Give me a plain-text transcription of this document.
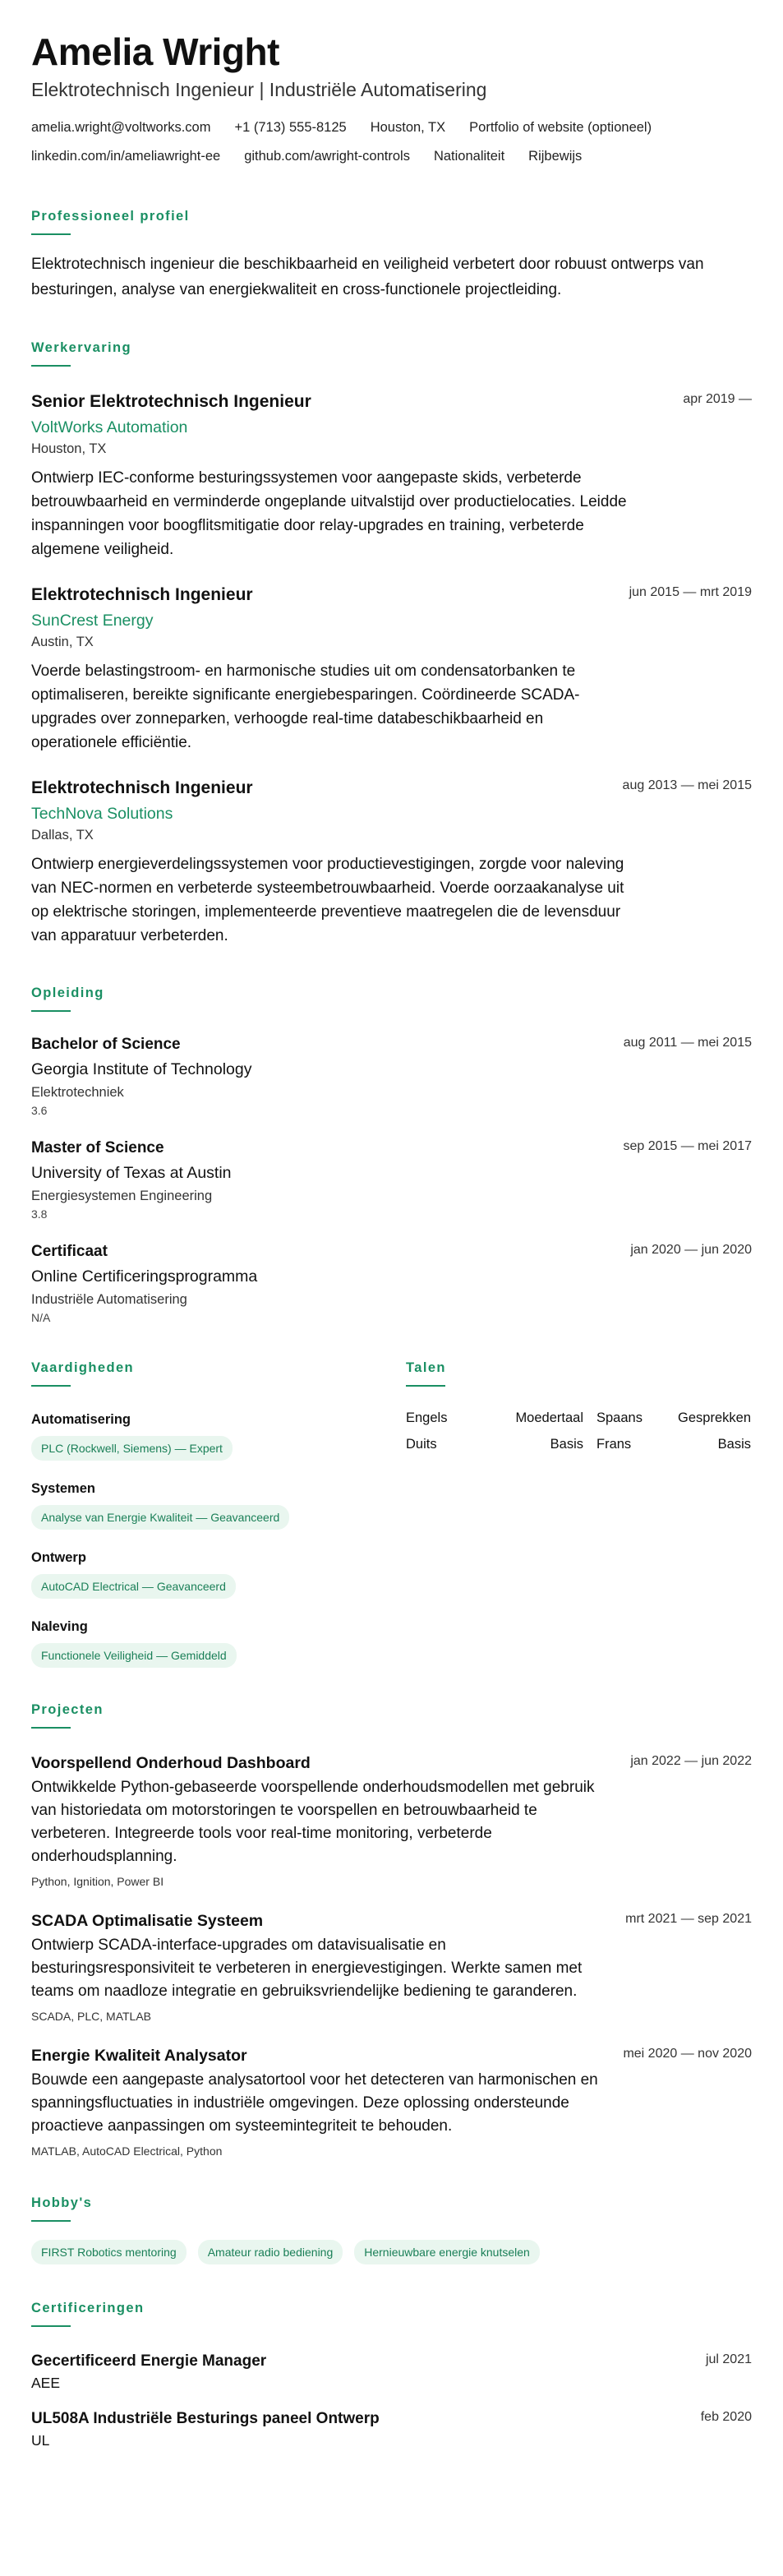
Amelia Wright
Elektrotechnisch Ingenieur | Industriële Automatisering
amelia.wright@voltworks.com +1 (713) 555-8125 Houston, TX Portfolio of website (optioneel)
linkedin.com/in/ameliawright-ee github.com/awright-controls Nationaliteit Rijbewijs
Professioneel profiel

Elektrotechnisch ingenieur die beschikbaarheid en veiligheid verbetert door robuust ontwerps van besturingen, analyse van energiekwaliteit en cross-functionele projectleiding.

Werkervaring
apr 2019 —
Senior Elektrotechnisch Ingenieur
VoltWorks Automation
Houston, TX

Ontwierp IEC-conforme besturingssystemen voor aangepaste skids, verbeterde betrouwbaarheid en verminderde ongeplande uitvalstijd over productielocaties. Leidde inspanningen voor boogflitsmitigatie door relay-upgrades en training, verbeterde algemene veiligheid.

jun 2015 — mrt 2019
Elektrotechnisch Ingenieur
SunCrest Energy
Austin, TX

Voerde belastingstroom- en harmonische studies uit om condensatorbanken te optimaliseren, bereikte significante energiebesparingen. Coördineerde SCADA-upgrades over zonneparken, verhoogde real-time databeschikbaarheid en operationele efficiëntie.

aug 2013 — mei 2015
Elektrotechnisch Ingenieur
TechNova Solutions
Dallas, TX

Ontwierp energieverdelingssystemen voor productievestigingen, zorgde voor naleving van NEC-normen en verbeterde systeembetrouwbaarheid. Voerde oorzaakanalyse uit op elektrische storingen, implementeerde preventieve maatregelen die de levensduur van apparatuur verbeterden.

Opleiding
aug 2011 — mei 2015
Bachelor of Science
Georgia Institute of Technology
Elektrotechniek
3.6
sep 2015 — mei 2017
Master of Science
University of Texas at Austin
Energiesystemen Engineering
3.8
jan 2020 — jun 2020
Certificaat
Online Certificeringsprogramma
Industriële Automatisering
N/A
Vaardigheden
Automatisering
PLC (Rockwell, Siemens) — Expert
Systemen
Analyse van Energie Kwaliteit — Geavanceerd
Ontwerp
AutoCAD Electrical — Geavanceerd
Naleving
Functionele Veiligheid — Gemiddeld
Talen
Engels	Moedertaal Spaans	Gesprekken
Duits	Basis Frans	Basis
Projecten
jan 2022 — jun 2022
Voorspellend Onderhoud Dashboard

Ontwikkelde Python-gebaseerde voorspellende onderhoudsmodellen met gebruik van historiedata om motorstoringen te voorspellen en betrouwbaarheid te verbeteren. Integreerde tools voor real-time monitoring, verbeterde onderhoudsplanning.

Python, Ignition, Power BI
mrt 2021 — sep 2021
SCADA Optimalisatie Systeem

Ontwierp SCADA-interface-upgrades om datavisualisatie en besturingsresponsiviteit te verbeteren in energievestigingen. Werkte samen met teams om naadloze integratie en gebruiksvriendelijke bediening te garanderen.

SCADA, PLC, MATLAB
mei 2020 — nov 2020
Energie Kwaliteit Analysator

Bouwde een aangepaste analysatortool voor het detecteren van harmonischen en spanningsfluctuaties in industriële omgevingen. Deze oplossing ondersteunde proactieve aanpassingen om systeemintegriteit te behouden.

MATLAB, AutoCAD Electrical, Python
Hobby's
FIRST Robotics mentoring	Amateur radio bediening	Hernieuwbare energie knutselen
Certificeringen
jul 2021
Gecertificeerd Energie Manager
AEE
feb 2020
UL508A Industriële Besturings paneel Ontwerp
UL
